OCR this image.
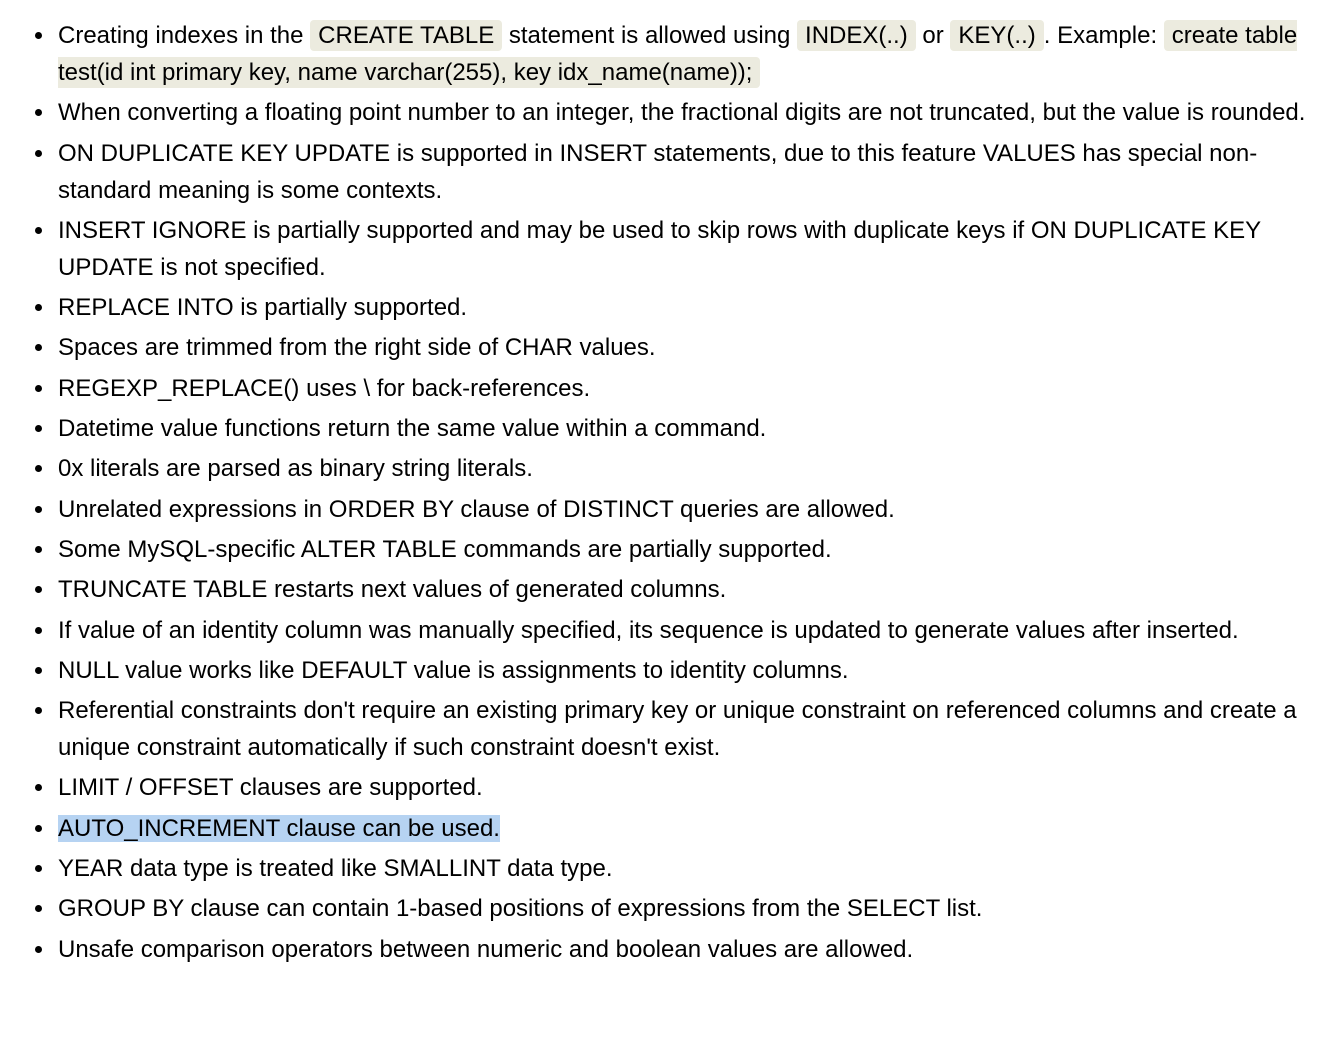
Creating indexes in the CREATE TABLE statement is allowed using INDEX(..) or KEY(..) . Example: create table test(id int primary key, name varchar(255), key idx_name(name));
When converting a floating point number to an integer, the fractional digits are not truncated, but the value is rounded.
ON DUPLICATE KEY UPDATE is supported in INSERT statements, due to this feature VALUES has special non-standard meaning is some contexts.
INSERT IGNORE is partially supported and may be used to skip rows with duplicate keys if ON DUPLICATE KEY UPDATE is not specified.
REPLACE INTO is partially supported.
Spaces are trimmed from the right side of CHAR values.
REGEXP_REPLACE() uses \ for back-references.
Datetime value functions return the same value within a command.
0x literals are parsed as binary string literals.
Unrelated expressions in ORDER BY clause of DISTINCT queries are allowed.
Some MySQL-specific ALTER TABLE commands are partially supported.
TRUNCATE TABLE restarts next values of generated columns.
If value of an identity column was manually specified, its sequence is updated to generate values after inserted.
NULL value works like DEFAULT value is assignments to identity columns.
Referential constraints don't require an existing primary key or unique constraint on referenced columns and create a unique constraint automatically if such constraint doesn't exist.
LIMIT / OFFSET clauses are supported.
AUTO_INCREMENT clause can be used.
YEAR data type is treated like SMALLINT data type.
GROUP BY clause can contain 1-based positions of expressions from the SELECT list.
Unsafe comparison operators between numeric and boolean values are allowed.
